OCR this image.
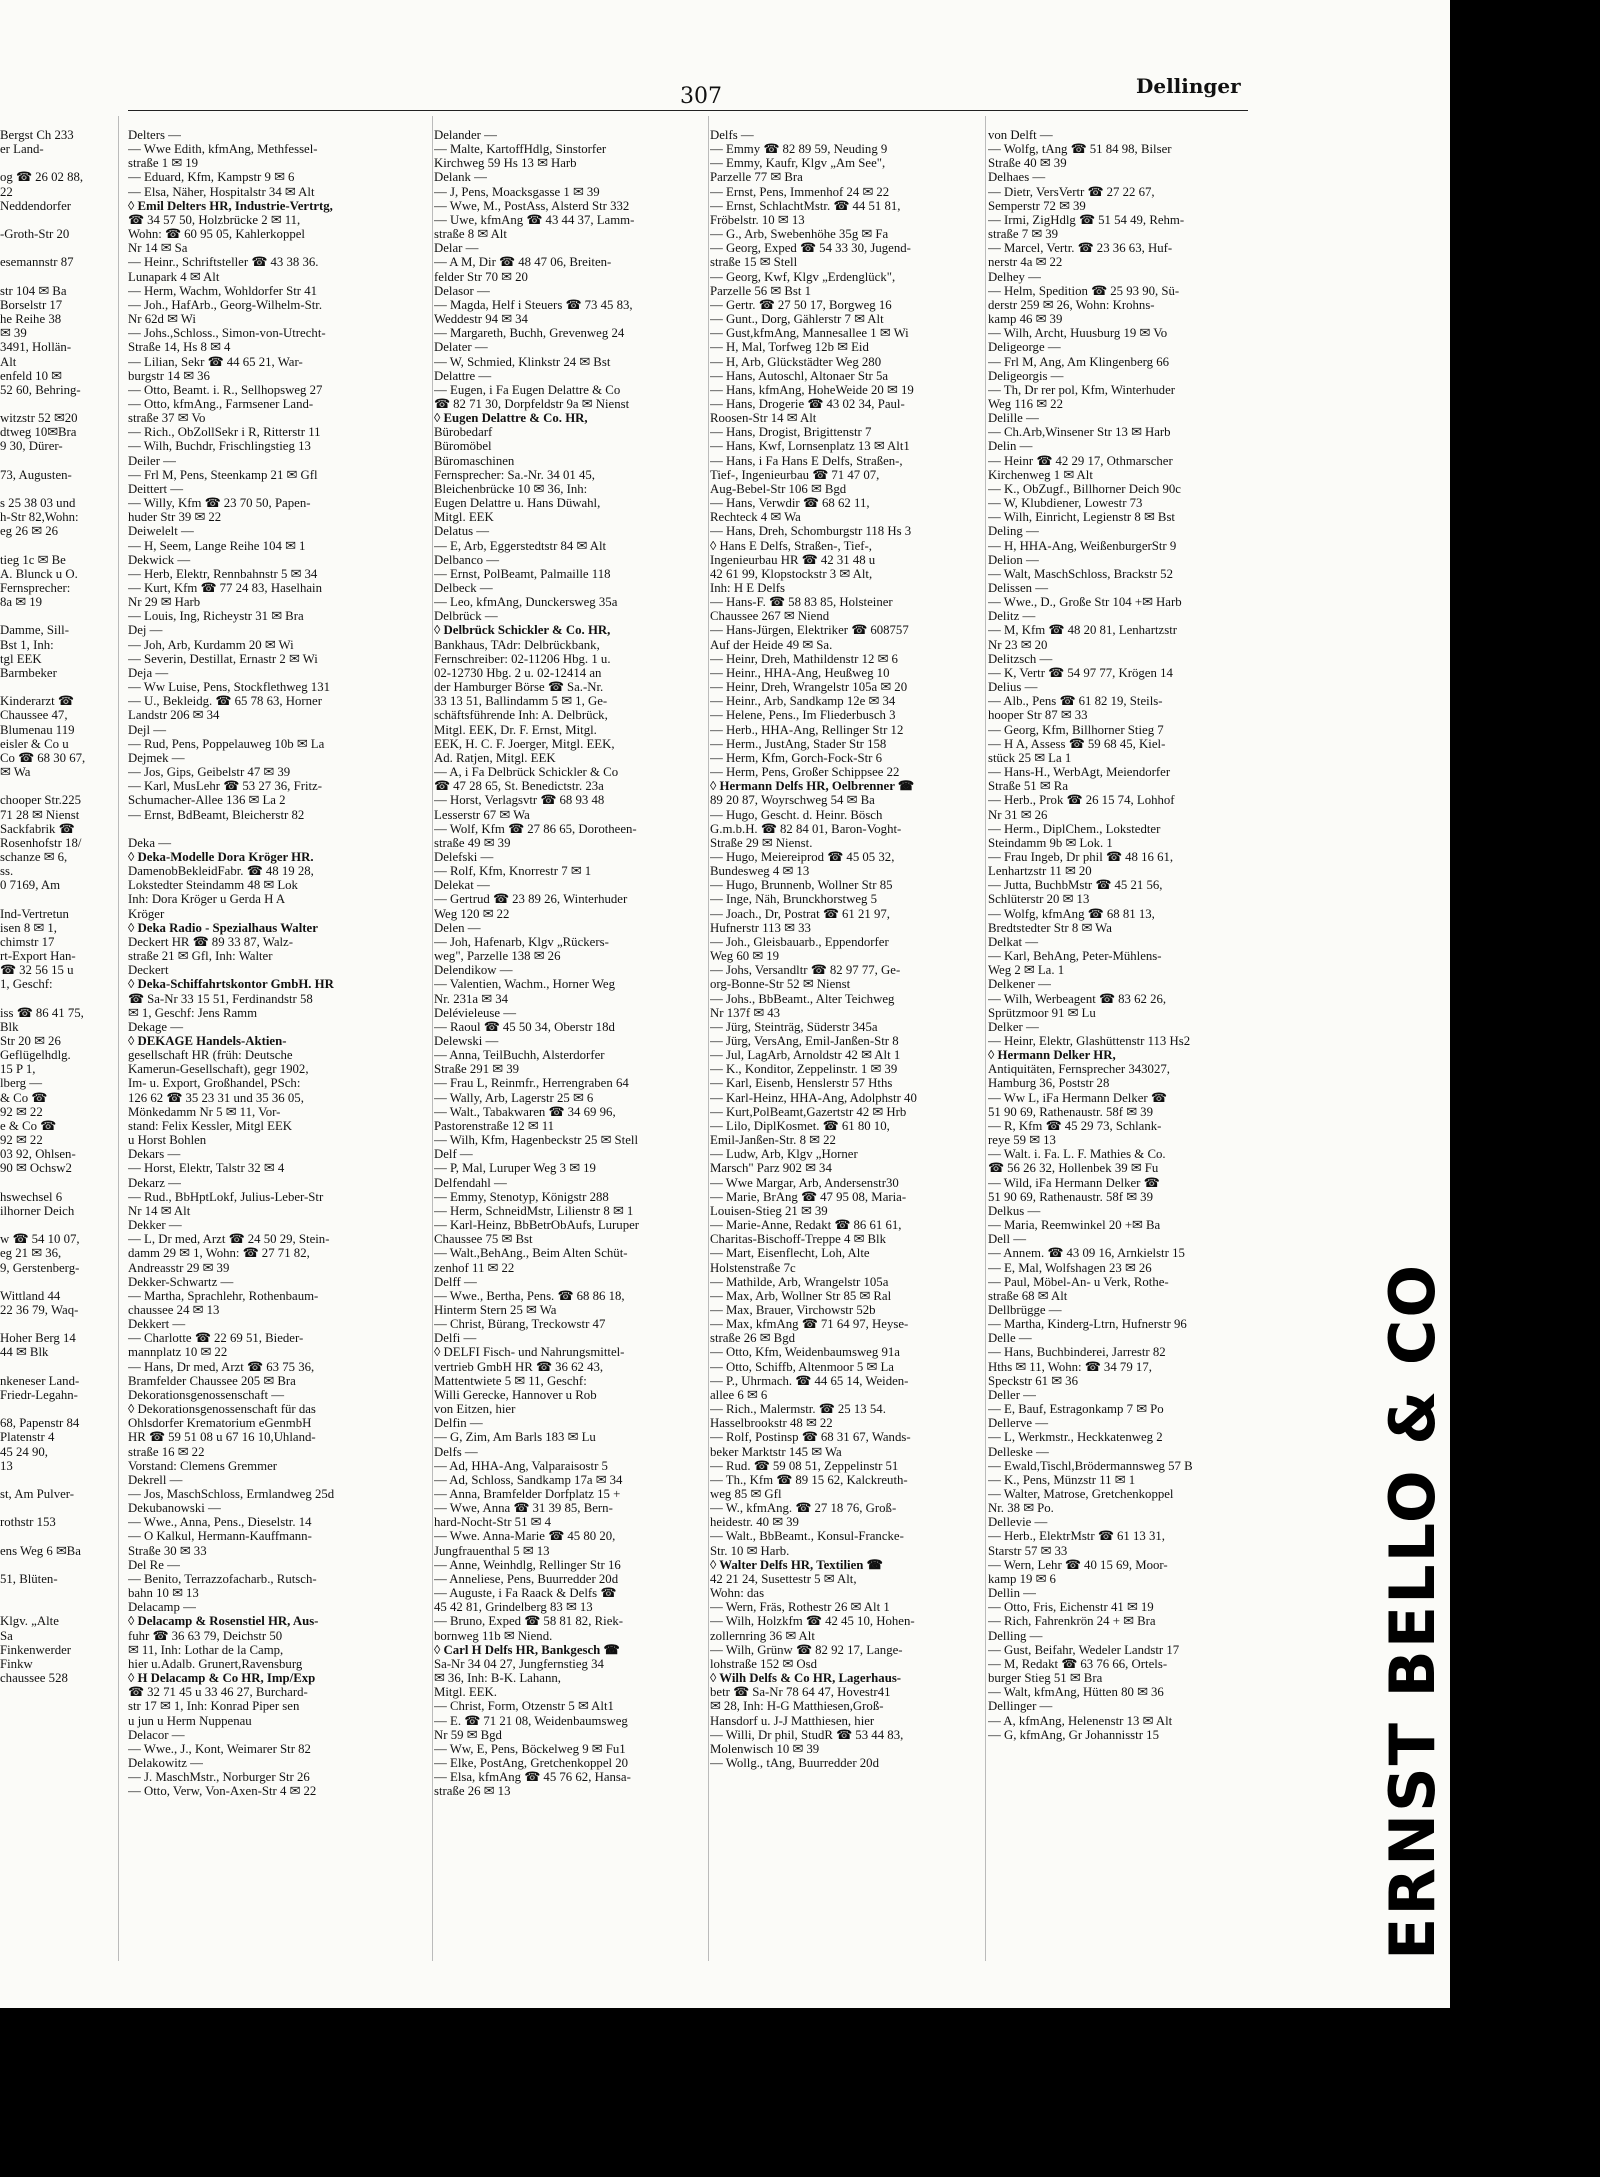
307	Dellinger
Bergst Ch 233
er Land-

og ☎ 26 02 88,
22
Neddendorfer

-Groth-Str 20

esemannstr 87

str 104 ✉ Ba
Borselstr 17
he Reihe 38
✉ 39
3491, Hollän-
Alt
enfeld 10 ✉
52 60, Behring-

witzstr 52 ✉20
dtweg 10✉Bra
9 30, Dürer-

73, Augusten-

s 25 38 03 und
h-Str 82,Wohn:
eg 26 ✉ 26

tieg 1c ✉ Be
A. Blunck u O.
Fernsprecher:
8a ✉ 19

Damme, Sill-
Bst 1, Inh:
tgl EEK
Barmbeker

Kinderarzt ☎
Chaussee 47,
Blumenau 119
eisler & Co u
Co ☎ 68 30 67,
✉ Wa

chooper Str.225
71 28 ✉ Nienst
Sackfabrik ☎
Rosenhofstr 18/
schanze ✉ 6,
ss.
0 7169, Am

Ind-Vertretun
isen 8 ✉ 1,
chimstr 17
rt-Export Han-
☎ 32 56 15 u
1, Geschf:

iss ☎ 86 41 75,
Blk
Str 20 ✉ 26
Geflügelhdlg.
15 P 1,
lberg —
& Co ☎
92 ✉ 22
e & Co ☎
92 ✉ 22
03 92, Ohlsen-
90 ✉ Ochsw2

hswechsel 6
ilhorner Deich

w ☎ 54 10 07,
eg 21 ✉ 36,
9, Gerstenberg-

Wittland 44
22 36 79, Waq-

Hoher Berg 14
44 ✉ Blk

nkeneser Land-
Friedr-Legahn-

68, Papenstr 84
Platenstr 4
45 24 90,
13

st, Am Pulver-

rothstr 153

ens Weg 6 ✉Ba

51, Blüten-

Klgv. „Alte
Sa
Finkenwerder
Finkw
chaussee 528
Delters —
— Wwe Edith, kfmAng, Methfessel-
straße 1 ✉ 19
— Eduard, Kfm, Kampstr 9 ✉ 6
— Elsa, Näher, Hospitalstr 34 ✉ Alt
◊ Emil Delters HR, Industrie-Vertrtg,
☎ 34 57 50, Holzbrücke 2 ✉ 11,
Wohn: ☎ 60 95 05, Kahlerkoppel
Nr 14 ✉ Sa
— Heinr., Schriftsteller ☎ 43 38 36.
Lunapark 4 ✉ Alt
— Herm, Wachm, Wohldorfer Str 41
— Joh., HafArb., Georg-Wilhelm-Str.
Nr 62d ✉ Wi
— Johs.,Schloss., Simon-von-Utrecht-
Straße 14, Hs 8 ✉ 4
— Lilian, Sekr ☎ 44 65 21, War-
burgstr 14 ✉ 36
— Otto, Beamt. i. R., Sellhopsweg 27
— Otto, kfmAng., Farmsener Land-
straße 37 ✉ Vo
— Rich., ObZollSekr i R, Ritterstr 11
— Wilh, Buchdr, Frischlingstieg 13
Deiler —
— Frl M, Pens, Steenkamp 21 ✉ Gfl
Deittert —
— Willy, Kfm ☎ 23 70 50, Papen-
huder Str 39 ✉ 22
Deiwelelt —
— H, Seem, Lange Reihe 104 ✉ 1
Dekwick —
— Herb, Elektr, Rennbahnstr 5 ✉ 34
— Kurt, Kfm ☎ 77 24 83, Haselhain
Nr 29 ✉ Harb
— Louis, Ing, Richeystr 31 ✉ Bra
Dej —
— Joh, Arb, Kurdamm 20 ✉ Wi
— Severin, Destillat, Ernastr 2 ✉ Wi
Deja —
— Ww Luise, Pens, Stockflethweg 131
— U., Bekleidg. ☎ 65 78 63, Horner
Landstr 206 ✉ 34
Dejl —
— Rud, Pens, Poppelauweg 10b ✉ La
Dejmek —
— Jos, Gips, Geibelstr 47 ✉ 39
— Karl, MusLehr ☎ 53 27 36, Fritz-
Schumacher-Allee 136 ✉ La 2
— Ernst, BdBeamt, Bleicherstr 82

Deka —
◊ Deka-Modelle Dora Kröger HR.
DamenobBekleidFabr. ☎ 48 19 28,
Lokstedter Steindamm 48 ✉ Lok
Inh: Dora Kröger u Gerda H A
Kröger
◊ Deka Radio - Spezialhaus Walter
Deckert HR ☎ 89 33 87, Walz-
straße 21 ✉ Gfl, Inh: Walter
Deckert
◊ Deka-Schiffahrtskontor GmbH. HR
☎ Sa-Nr 33 15 51, Ferdinandstr 58
✉ 1, Geschf: Jens Ramm
Dekage —
◊ DEKAGE Handels-Aktien-
gesellschaft HR (früh: Deutsche
Kamerun-Gesellschaft), gegr 1902,
Im- u. Export, Großhandel, PSch:
126 62 ☎ 35 23 31 und 35 36 05,
Mönkedamm Nr 5 ✉ 11, Vor-
stand: Felix Kessler, Mitgl EEK
u Horst Bohlen
Dekars —
— Horst, Elektr, Talstr 32 ✉ 4
Dekarz —
— Rud., BbHptLokf, Julius-Leber-Str
Nr 14 ✉ Alt
Dekker —
— L, Dr med, Arzt ☎ 24 50 29, Stein-
damm 29 ✉ 1, Wohn: ☎ 27 71 82,
Andreasstr 29 ✉ 39
Dekker-Schwartz —
— Martha, Sprachlehr, Rothenbaum-
chaussee 24 ✉ 13
Dekkert —
— Charlotte ☎ 22 69 51, Bieder-
mannplatz 10 ✉ 22
— Hans, Dr med, Arzt ☎ 63 75 36,
Bramfelder Chaussee 205 ✉ Bra
Dekorationsgenossenschaft —
◊ Dekorationsgenossenschaft für das
Ohlsdorfer Krematorium eGenmbH
HR ☎ 59 51 08 u 67 16 10,Uhland-
straße 16 ✉ 22
Vorstand: Clemens Gremmer
Dekrell —
— Jos, MaschSchloss, Ermlandweg 25d
Dekubanowski —
— Wwe., Anna, Pens., Dieselstr. 14
— O Kalkul, Hermann-Kauffmann-
Straße 30 ✉ 33
Del Re —
— Benito, Terrazzofacharb., Rutsch-
bahn 10 ✉ 13
Delacamp —
◊ Delacamp & Rosenstiel HR, Aus-
fuhr ☎ 36 63 79, Deichstr 50
✉ 11, Inh: Lothar de la Camp,
hier u.Adalb. Grunert,Ravensburg
◊ H Delacamp & Co HR, Imp/Exp
☎ 32 71 45 u 33 46 27, Burchard-
str 17 ✉ 1, Inh: Konrad Piper sen
u jun u Herm Nuppenau
Delacor —
— Wwe., J., Kont, Weimarer Str 82
Delakowitz —
— J. MaschMstr., Norburger Str 26
— Otto, Verw, Von-Axen-Str 4 ✉ 22
Delander —
— Malte, KartoffHdlg, Sinstorfer
Kirchweg 59 Hs 13 ✉ Harb
Delank —
— J, Pens, Moacksgasse 1 ✉ 39
— Wwe, M., PostAss, Alsterd Str 332
— Uwe, kfmAng ☎ 43 44 37, Lamm-
straße 8 ✉ Alt
Delar —
— A M, Dir ☎ 48 47 06, Breiten-
felder Str 70 ✉ 20
Delasor —
— Magda, Helf i Steuers ☎ 73 45 83,
Weddestr 94 ✉ 34
— Margareth, Buchh, Grevenweg 24
Delater —
— W, Schmied, Klinkstr 24 ✉ Bst
Delattre —
— Eugen, i Fa Eugen Delattre & Co
☎ 82 71 30, Dorpfeldstr 9a ✉ Nienst
◊ Eugen Delattre & Co. HR,
Bürobedarf
Büromöbel
Büromaschinen
Fernsprecher: Sa.-Nr. 34 01 45,
Bleichenbrücke 10 ✉ 36, Inh:
Eugen Delattre u. Hans Düwahl,
Mitgl. EEK
Delatus —
— E, Arb, Eggerstedtstr 84 ✉ Alt
Delbanco —
— Ernst, PolBeamt, Palmaille 118
Delbeck —
— Leo, kfmAng, Dunckersweg 35a
Delbrück —
◊ Delbrück Schickler & Co. HR,
Bankhaus, TAdr: Delbrückbank,
Fernschreiber: 02-11206 Hbg. 1 u.
02-12730 Hbg. 2 u. 02-12414 an
der Hamburger Börse ☎ Sa.-Nr.
33 13 51, Ballindamm 5 ✉ 1, Ge-
schäftsführende Inh: A. Delbrück,
Mitgl. EEK, Dr. F. Ernst, Mitgl.
EEK, H. C. F. Joerger, Mitgl. EEK,
Ad. Ratjen, Mitgl. EEK
— A, i Fa Delbrück Schickler & Co
☎ 47 28 65, St. Benedictstr. 23a
— Horst, Verlagsvtr ☎ 68 93 48
Lesserstr 67 ✉ Wa
— Wolf, Kfm ☎ 27 86 65, Dorotheen-
straße 49 ✉ 39
Delefski —
— Rolf, Kfm, Knorrestr 7 ✉ 1
Delekat —
— Gertrud ☎ 23 89 26, Winterhuder
Weg 120 ✉ 22
Delen —
— Joh, Hafenarb, Klgv „Rückers-
weg", Parzelle 138 ✉ 26
Delendikow —
— Valentien, Wachm., Horner Weg
Nr. 231a ✉ 34
Delévieleuse —
— Raoul ☎ 45 50 34, Oberstr 18d
Delewski —
— Anna, TeilBuchh, Alsterdorfer
Straße 291 ✉ 39
— Frau L, Reinmfr., Herrengraben 64
— Wally, Arb, Lagerstr 25 ✉ 6
— Walt., Tabakwaren ☎ 34 69 96,
Pastorenstraße 12 ✉ 11
— Wilh, Kfm, Hagenbeckstr 25 ✉ Stell
Delf —
— P, Mal, Luruper Weg 3 ✉ 19
Delfendahl —
— Emmy, Stenotyp, Königstr 288
— Herm, SchneidMstr, Lilienstr 8 ✉ 1
— Karl-Heinz, BbBetrObAufs, Luruper
Chaussee 75 ✉ Bst
— Walt.,BehAng., Beim Alten Schüt-
zenhof 11 ✉ 22
Delff —
— Wwe., Bertha, Pens. ☎ 68 86 18,
Hinterm Stern 25 ✉ Wa
— Christ, Bürang, Treckowstr 47
Delfi —
◊ DELFI Fisch- und Nahrungsmittel-
vertrieb GmbH HR ☎ 36 62 43,
Mattentwiete 5 ✉ 11, Geschf:
Willi Gerecke, Hannover u Rob
von Eitzen, hier
Delfin —
— G, Zim, Am Barls 183 ✉ Lu
Delfs —
— Ad, HHA-Ang, Valparaisostr 5
— Ad, Schloss, Sandkamp 17a ✉ 34
— Anna, Bramfelder Dorfplatz 15 +
— Wwe, Anna ☎ 31 39 85, Bern-
hard-Nocht-Str 51 ✉ 4
— Wwe. Anna-Marie ☎ 45 80 20,
Jungfrauenthal 5 ✉ 13
— Anne, Weinhdlg, Rellinger Str 16
— Anneliese, Pens, Buurredder 20d
— Auguste, i Fa Raack & Delfs ☎
45 42 81, Grindelberg 83 ✉ 13
— Bruno, Exped ☎ 58 81 82, Riek-
bornweg 11b ✉ Niend.
◊ Carl H Delfs HR, Bankgesch ☎
Sa-Nr 34 04 27, Jungfernstieg 34
✉ 36, Inh: B-K. Lahann,
Mitgl. EEK.
— Christ, Form, Otzenstr 5 ✉ Alt1
— E. ☎ 71 21 08, Weidenbaumsweg
Nr 59 ✉ Bgd
— Ww, E, Pens, Böckelweg 9 ✉ Fu1
— Elke, PostAng, Gretchenkoppel 20
— Elsa, kfmAng ☎ 45 76 62, Hansa-
straße 26 ✉ 13
Delfs —
— Emmy ☎ 82 89 59, Neuding 9
— Emmy, Kaufr, Klgv „Am See",
Parzelle 77 ✉ Bra
— Ernst, Pens, Immenhof 24 ✉ 22
— Ernst, SchlachtMstr. ☎ 44 51 81,
Fröbelstr. 10 ✉ 13
— G., Arb, Swebenhöhe 35g ✉ Fa
— Georg, Exped ☎ 54 33 30, Jugend-
straße 15 ✉ Stell
— Georg, Kwf, Klgv „Erdenglück",
Parzelle 56 ✉ Bst 1
— Gertr. ☎ 27 50 17, Borgweg 16
— Gunt., Dorg, Gählerstr 7 ✉ Alt
— Gust,kfmAng, Mannesallee 1 ✉ Wi
— H, Mal, Torfweg 12b ✉ Eid
— H, Arb, Glückstädter Weg 280
— Hans, Autoschl, Altonaer Str 5a
— Hans, kfmAng, HoheWeide 20 ✉ 19
— Hans, Drogerie ☎ 43 02 34, Paul-
Roosen-Str 14 ✉ Alt
— Hans, Drogist, Brigittenstr 7
— Hans, Kwf, Lornsenplatz 13 ✉ Alt1
— Hans, i Fa Hans E Delfs, Straßen-,
Tief-, Ingenieurbau ☎ 71 47 07,
Aug-Bebel-Str 106 ✉ Bgd
— Hans, Verwdir ☎ 68 62 11,
Rechteck 4 ✉ Wa
— Hans, Dreh, Schomburgstr 118 Hs 3
◊ Hans E Delfs, Straßen-, Tief-,
Ingenieurbau HR ☎ 42 31 48 u
42 61 99, Klopstockstr 3 ✉ Alt,
Inh: H E Delfs
— Hans-F. ☎ 58 83 85, Holsteiner
Chaussee 267 ✉ Niend
— Hans-Jürgen, Elektriker ☎ 608757
Auf der Heide 49 ✉ Sa.
— Heinr, Dreh, Mathildenstr 12 ✉ 6
— Heinr., HHA-Ang, Heußweg 10
— Heinr, Dreh, Wrangelstr 105a ✉ 20
— Heinr., Arb, Sandkamp 12e ✉ 34
— Helene, Pens., Im Fliederbusch 3
— Herb., HHA-Ang, Rellinger Str 12
— Herm., JustAng, Stader Str 158
— Herm, Kfm, Gorch-Fock-Str 6
— Herm, Pens, Großer Schippsee 22
◊ Hermann Delfs HR, Oelbrenner ☎
89 20 87, Woyrschweg 54 ✉ Ba
— Hugo, Gescht. d. Heinr. Bösch
G.m.b.H. ☎ 82 84 01, Baron-Voght-
Straße 29 ✉ Nienst.
— Hugo, Meiereiprod ☎ 45 05 32,
Bundesweg 4 ✉ 13
— Hugo, Brunnenb, Wollner Str 85
— Inge, Näh, Brunckhorstweg 5
— Joach., Dr, Postrat ☎ 61 21 97,
Hufnerstr 113 ✉ 33
— Joh., Gleisbauarb., Eppendorfer
Weg 60 ✉ 19
— Johs, Versandltr ☎ 82 97 77, Ge-
org-Bonne-Str 52 ✉ Nienst
— Johs., BbBeamt., Alter Teichweg
Nr 137f ✉ 43
— Jürg, Steinträg, Süderstr 345a
— Jürg, VersAng, Emil-Janßen-Str 8
— Jul, LagArb, Arnoldstr 42 ✉ Alt 1
— K., Konditor, Zeppelinstr. 1 ✉ 39
— Karl, Eisenb, Henslerstr 57 Hths
— Karl-Heinz, HHA-Ang, Adolphstr 40
— Kurt,PolBeamt,Gazertstr 42 ✉ Hrb
— Lilo, DiplKosmet. ☎ 61 80 10,
Emil-Janßen-Str. 8 ✉ 22
— Ludw, Arb, Klgv „Horner
Marsch" Parz 902 ✉ 34
— Wwe Margar, Arb, Andersenstr30
— Marie, BrAng ☎ 47 95 08, Maria-
Louisen-Stieg 21 ✉ 39
— Marie-Anne, Redakt ☎ 86 61 61,
Charitas-Bischoff-Treppe 4 ✉ Blk
— Mart, Eisenflecht, Loh, Alte
Holstenstraße 7c
— Mathilde, Arb, Wrangelstr 105a
— Max, Arb, Wollner Str 85 ✉ Ral
— Max, Brauer, Virchowstr 52b
— Max, kfmAng ☎ 71 64 97, Heyse-
straße 26 ✉ Bgd
— Otto, Kfm, Weidenbaumsweg 91a
— Otto, Schiffb, Altenmoor 5 ✉ La
— P., Uhrmach. ☎ 44 65 14, Weiden-
allee 6 ✉ 6
— Rich., Malermstr. ☎ 25 13 54.
Hasselbrookstr 48 ✉ 22
— Rolf, Postinsp ☎ 68 31 67, Wands-
beker Marktstr 145 ✉ Wa
— Rud. ☎ 59 08 51, Zeppelinstr 51
— Th., Kfm ☎ 89 15 62, Kalckreuth-
weg 85 ✉ Gfl
— W., kfmAng. ☎ 27 18 76, Groß-
heidestr. 40 ✉ 39
— Walt., BbBeamt., Konsul-Francke-
Str. 10 ✉ Harb.
◊ Walter Delfs HR, Textilien ☎
42 21 24, Susettestr 5 ✉ Alt,
Wohn: das
— Wern, Fräs, Rothestr 26 ✉ Alt 1
— Wilh, Holzkfm ☎ 42 45 10, Hohen-
zollernring 36 ✉ Alt
— Wilh, Grünw ☎ 82 92 17, Lange-
lohstraße 152 ✉ Osd
◊ Wilh Delfs & Co HR, Lagerhaus-
betr ☎ Sa-Nr 78 64 47, Hovestr41
✉ 28, Inh: H-G Matthiesen,Groß-
Hansdorf u. J-J Matthiesen, hier
— Willi, Dr phil, StudR ☎ 53 44 83,
Molenwisch 10 ✉ 39
— Wollg., tAng, Buurredder 20d
von Delft —
— Wolfg, tAng ☎ 51 84 98, Bilser
Straße 40 ✉ 39
Delhaes —
— Dietr, VersVertr ☎ 27 22 67,
Semperstr 72 ✉ 39
— Irmi, ZigHdlg ☎ 51 54 49, Rehm-
straße 7 ✉ 39
— Marcel, Vertr. ☎ 23 36 63, Huf-
nerstr 4a ✉ 22
Delhey —
— Helm, Spedition ☎ 25 93 90, Sü-
derstr 259 ✉ 26, Wohn: Krohns-
kamp 46 ✉ 39
— Wilh, Archt, Huusburg 19 ✉ Vo
Deligeorge —
— Frl M, Ang, Am Klingenberg 66
Deligeorgis —
— Th, Dr rer pol, Kfm, Winterhuder
Weg 116 ✉ 22
Delille —
— Ch.Arb,Winsener Str 13 ✉ Harb
Delin —
— Heinr ☎ 42 29 17, Othmarscher
Kirchenweg 1 ✉ Alt
— K., ObZugf., Billhorner Deich 90c
— W, Klubdiener, Lowestr 73
— Wilh, Einricht, Legienstr 8 ✉ Bst
Deling —
— H, HHA-Ang, WeißenburgerStr 9
Delion —
— Walt, MaschSchloss, Brackstr 52
Delissen —
— Wwe., D., Große Str 104 +✉ Harb
Delitz —
— M, Kfm ☎ 48 20 81, Lenhartzstr
Nr 23 ✉ 20
Delitzsch —
— K, Vertr ☎ 54 97 77, Krögen 14
Delius —
— Alb., Pens ☎ 61 82 19, Steils-
hooper Str 87 ✉ 33
— Georg, Kfm, Billhorner Stieg 7
— H A, Assess ☎ 59 68 45, Kiel-
stück 25 ✉ La 1
— Hans-H., WerbAgt, Meiendorfer
Straße 51 ✉ Ra
— Herb., Prok ☎ 26 15 74, Lohhof
Nr 31 ✉ 26
— Herm., DiplChem., Lokstedter
Steindamm 9b ✉ Lok. 1
— Frau Ingeb, Dr phil ☎ 48 16 61,
Lenhartzstr 11 ✉ 20
— Jutta, BuchbMstr ☎ 45 21 56,
Schlüterstr 20 ✉ 13
— Wolfg, kfmAng ☎ 68 81 13,
Bredtstedter Str 8 ✉ Wa
Delkat —
— Karl, BehAng, Peter-Mühlens-
Weg 2 ✉ La. 1
Delkener —
— Wilh, Werbeagent ☎ 83 62 26,
Sprützmoor 91 ✉ Lu
Delker —
— Heinr, Elektr, Glashüttenstr 113 Hs2
◊ Hermann Delker HR,
Antiquitäten, Fernsprecher 343027,
Hamburg 36, Poststr 28
— Ww L, iFa Hermann Delker ☎
51 90 69, Rathenaustr. 58f ✉ 39
— R, Kfm ☎ 45 29 73, Schlank-
reye 59 ✉ 13
— Walt. i. Fa. L. F. Mathies & Co.
☎ 56 26 32, Hollenbek 39 ✉ Fu
— Wild, iFa Hermann Delker ☎
51 90 69, Rathenaustr. 58f ✉ 39
Delkus —
— Maria, Reemwinkel 20 +✉ Ba
Dell —
— Annem. ☎ 43 09 16, Arnkielstr 15
— E, Mal, Wolfshagen 23 ✉ 26
— Paul, Möbel-An- u Verk, Rothe-
straße 68 ✉ Alt
Dellbrügge —
— Martha, Kinderg-Ltrn, Hufnerstr 96
Delle —
— Hans, Buchbinderei, Jarrestr 82
Hths ✉ 11, Wohn: ☎ 34 79 17,
Speckstr 61 ✉ 36
Deller —
— E, Bauf, Estragonkamp 7 ✉ Po
Dellerve —
— L, Werkmstr., Heckkatenweg 2
Delleske —
— Ewald,Tischl,Brödermannsweg 57 B
— K., Pens, Münzstr 11 ✉ 1
— Walter, Matrose, Gretchenkoppel
Nr. 38 ✉ Po.
Dellevie —
— Herb., ElektrMstr ☎ 61 13 31,
Starstr 57 ✉ 33
— Wern, Lehr ☎ 40 15 69, Moor-
kamp 19 ✉ 6
Dellin —
— Otto, Fris, Eichenstr 41 ✉ 19
— Rich, Fahrenkrön 24 + ✉ Bra
Delling —
— Gust, Beifahr, Wedeler Landstr 17
— M, Redakt ☎ 63 76 66, Ortels-
burger Stieg 51 ✉ Bra
— Walt, kfmAng, Hütten 80 ✉ 36
Dellinger —
— A, kfmAng, Helenenstr 13 ✉ Alt
— G, kfmAng, Gr Johannisstr 15	ERNST BELLO & CO
